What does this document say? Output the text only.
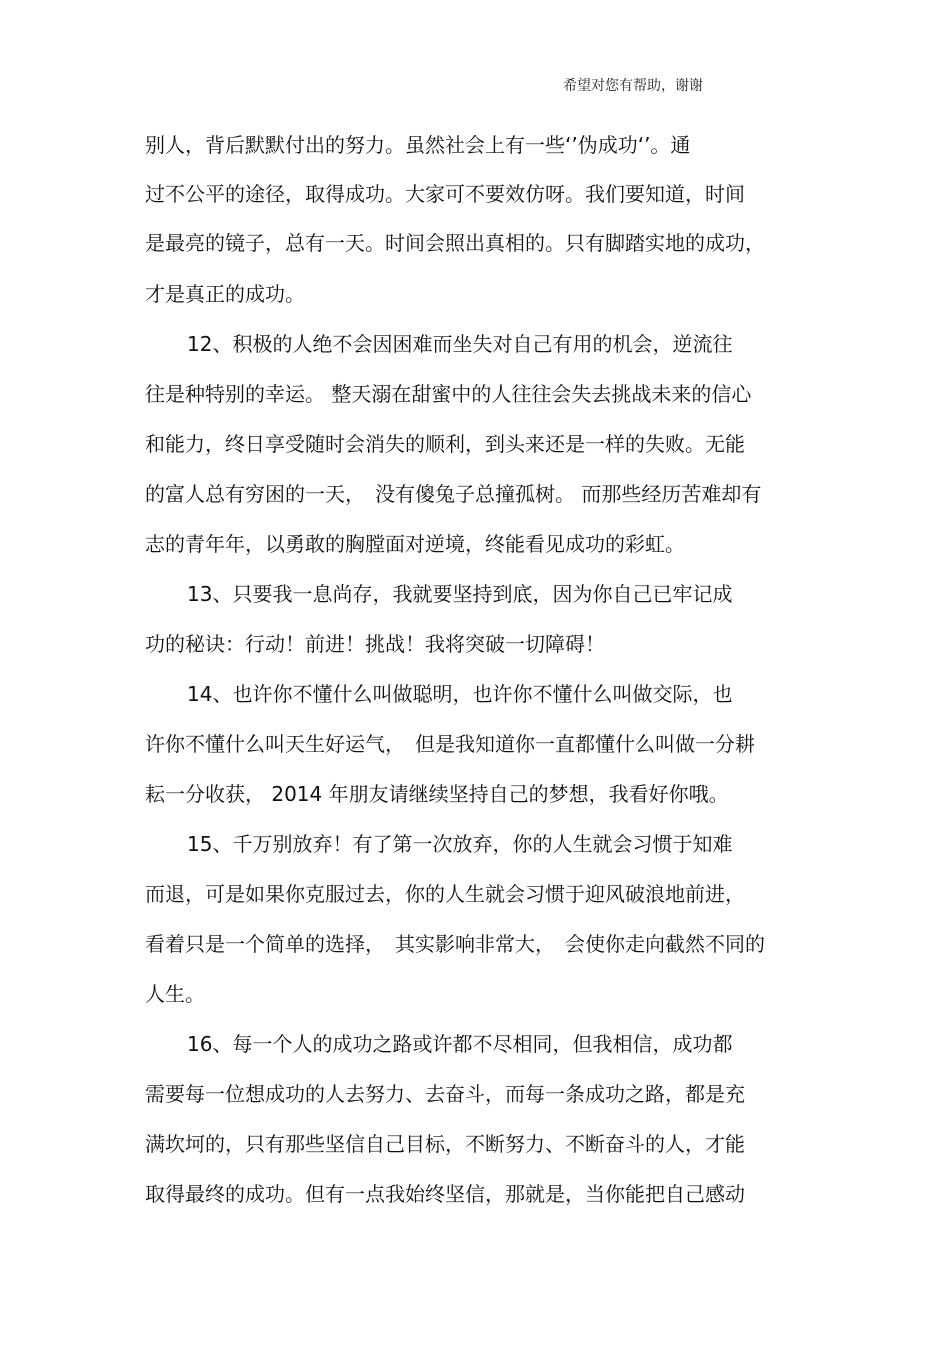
希望对您有帮助，谢谢
别人，背后默默付出的努力。虽然社会上有一些‘’伪成功‘’。通
过不公平的途径，取得成功。大家可不要效仿呀。我们要知道，时间
是最亮的镜子，总有一天。时间会照出真相的。只有脚踏实地的成功，
才是真正的成功。
12、积极的人绝不会因困难而坐失对自己有用的机会，逆流往
往是种特别的幸运。 整天溺在甜蜜中的人往往会失去挑战未来的信心
和能力，终日享受随时会消失的顺利，到头来还是一样的失败。无能
的富人总有穷困的一天，　没有傻兔子总撞孤树。 而那些经历苦难却有
志的青年年，以勇敢的胸膛面对逆境，终能看见成功的彩虹。
13、只要我一息尚存，我就要坚持到底，因为你自己已牢记成
功的秘诀：行动！前进！挑战！我将突破一切障碍！
14、也许你不懂什么叫做聪明，也许你不懂什么叫做交际，也
许你不懂什么叫天生好运气，　但是我知道你一直都懂什么叫做一分耕
耘一分收获， 2014 年朋友请继续坚持自己的梦想，我看好你哦。
15、千万别放弃！有了第一次放弃，你的人生就会习惯于知难
而退，可是如果你克服过去，你的人生就会习惯于迎风破浪地前进，
看着只是一个简单的选择，　其实影响非常大，　会使你走向截然不同的
人生。
16、每一个人的成功之路或许都不尽相同，但我相信，成功都
需要每一位想成功的人去努力、去奋斗，而每一条成功之路，都是充
满坎坷的，只有那些坚信自己目标，不断努力、不断奋斗的人，才能
取得最终的成功。但有一点我始终坚信，那就是，当你能把自己感动
